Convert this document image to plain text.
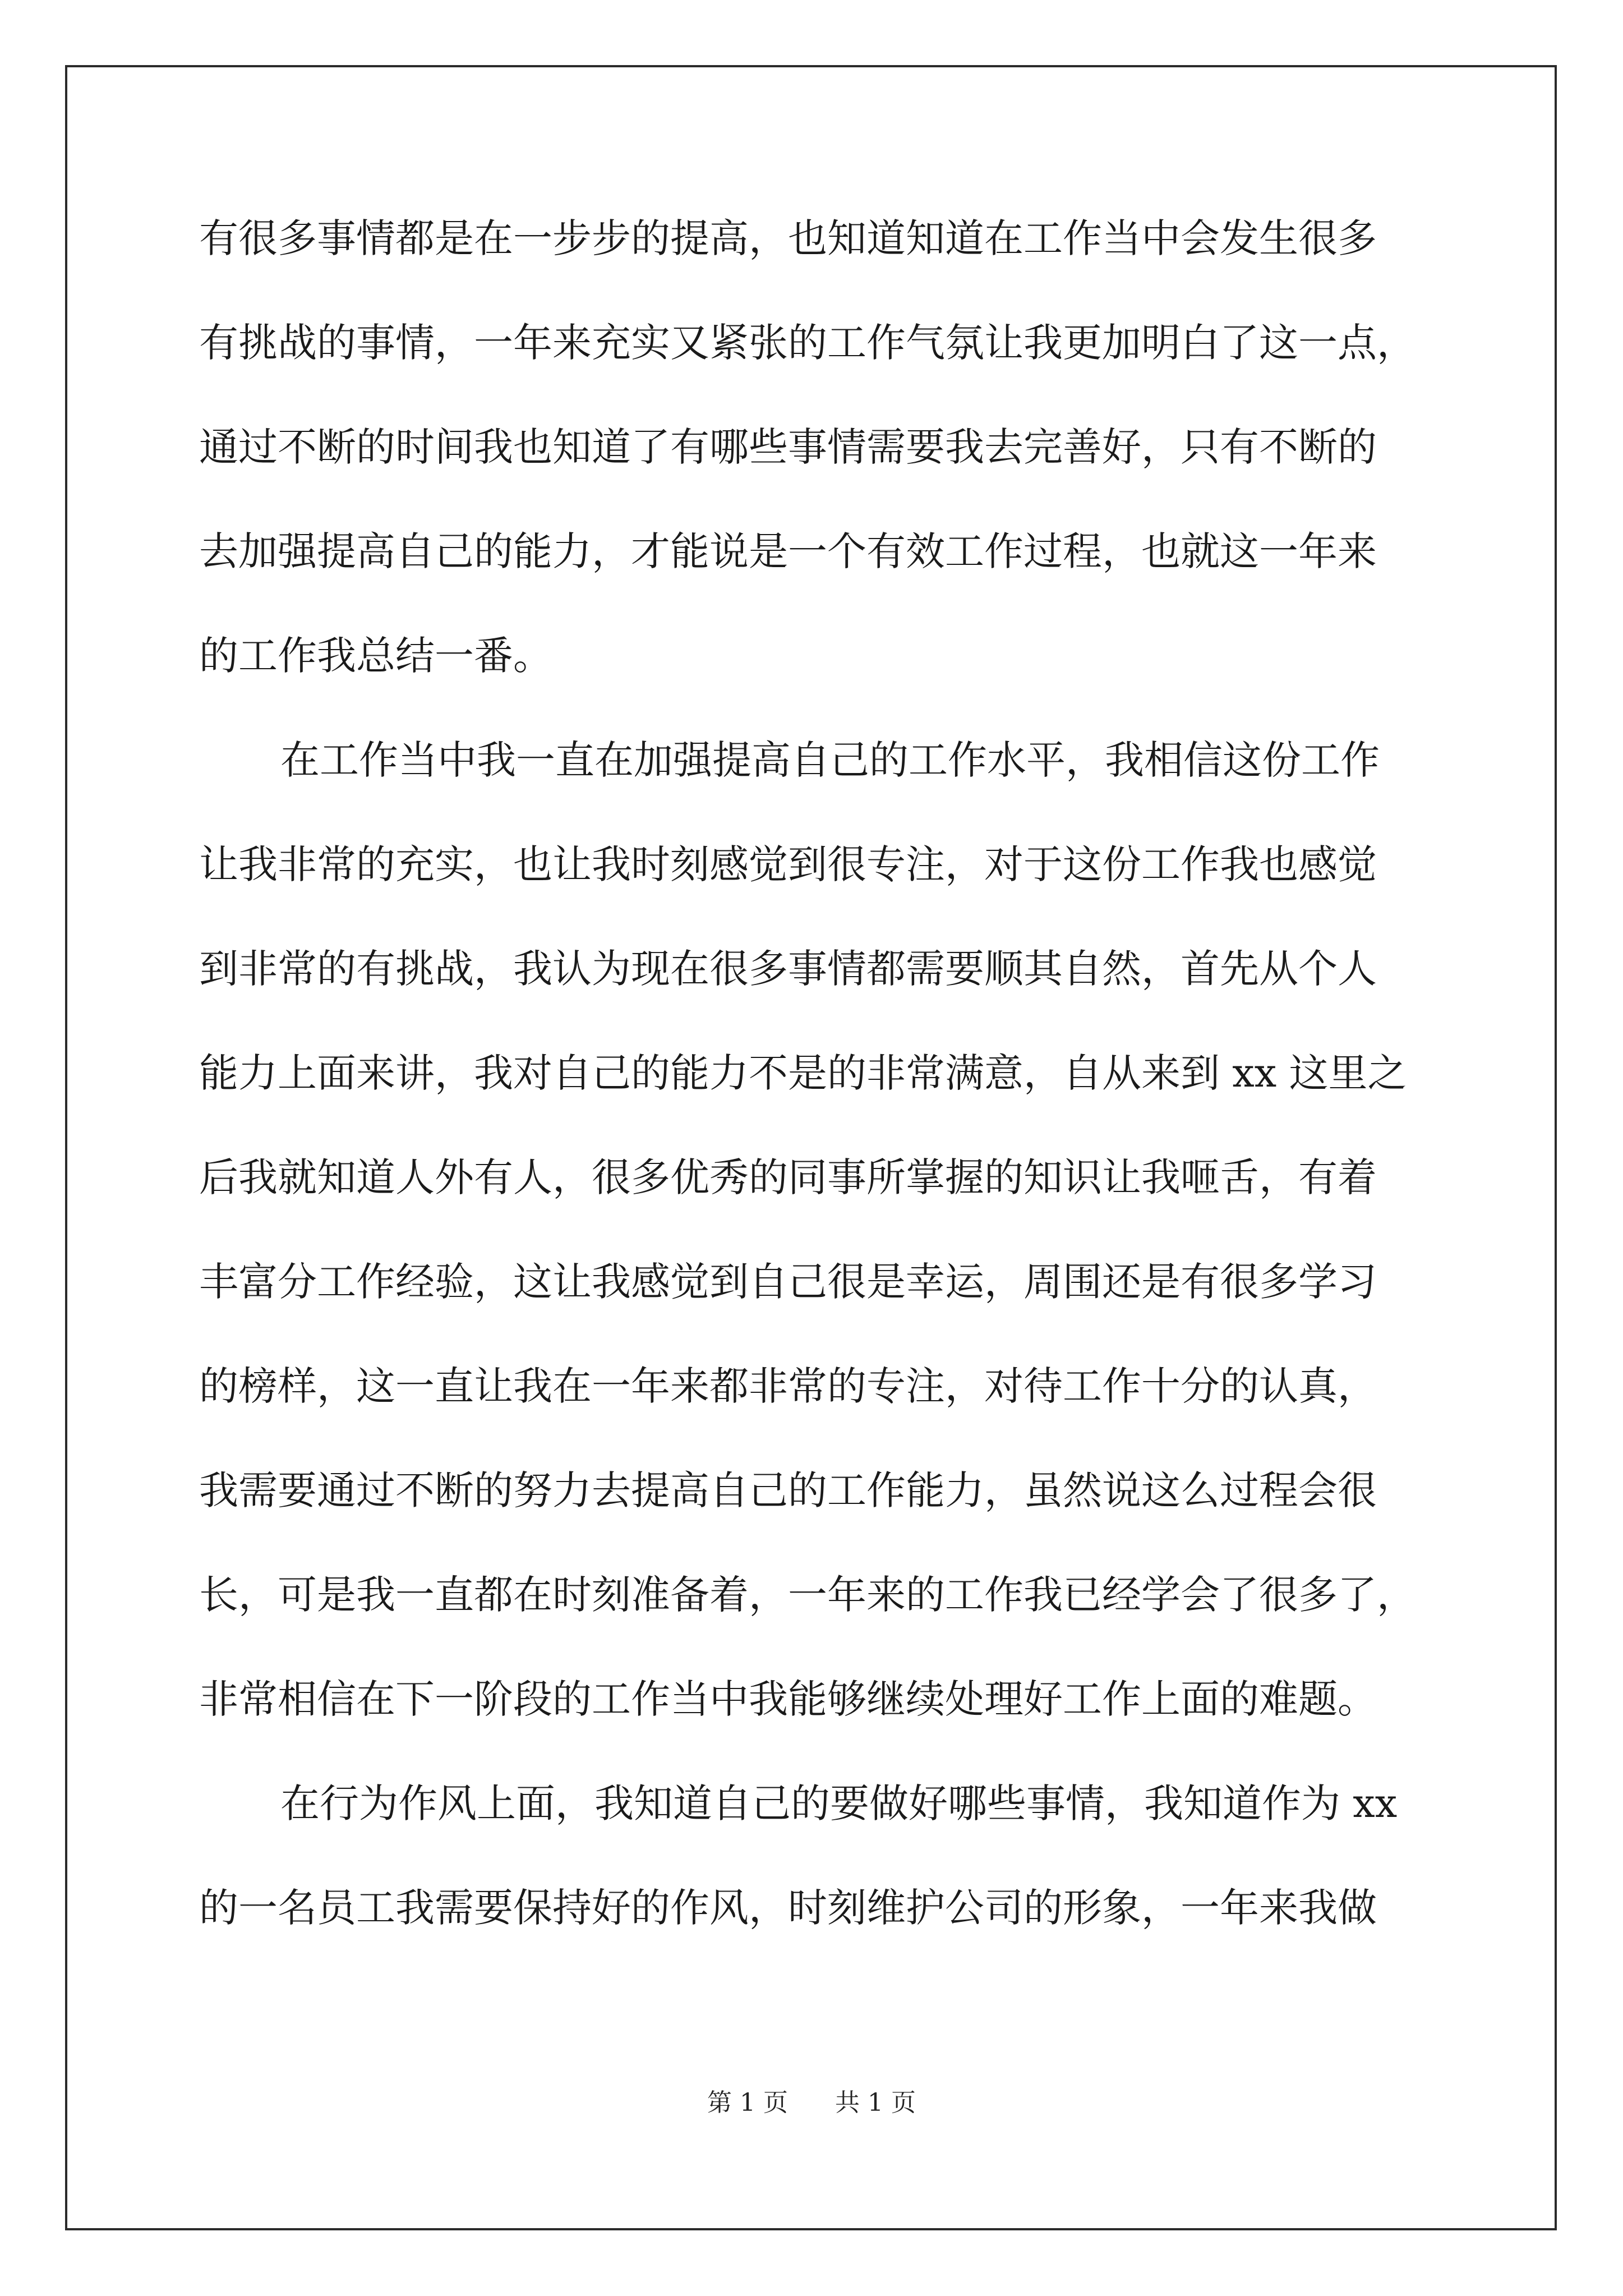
有很多事情都是在一步步的提高，也知道知道在工作当中会发生很多
有挑战的事情，一年来充实又紧张的工作气氛让我更加明白了这一点，
通过不断的时间我也知道了有哪些事情需要我去完善好，只有不断的
去加强提高自己的能力，才能说是一个有效工作过程，也就这一年来
的工作我总结一番。
在工作当中我一直在加强提高自己的工作水平，我相信这份工作
让我非常的充实，也让我时刻感觉到很专注，对于这份工作我也感觉
到非常的有挑战，我认为现在很多事情都需要顺其自然，首先从个人
能力上面来讲，我对自己的能力不是的非常满意，自从来到 xx 这里之
后我就知道人外有人，很多优秀的同事所掌握的知识让我咂舌，有着
丰富分工作经验，这让我感觉到自己很是幸运，周围还是有很多学习
的榜样，这一直让我在一年来都非常的专注，对待工作十分的认真，
我需要通过不断的努力去提高自己的工作能力，虽然说这么过程会很
长，可是我一直都在时刻准备着，一年来的工作我已经学会了很多了，
非常相信在下一阶段的工作当中我能够继续处理好工作上面的难题。
在行为作风上面，我知道自己的要做好哪些事情，我知道作为 xx
的一名员工我需要保持好的作风，时刻维护公司的形象，一年来我做
第 1 页 共 1 页
